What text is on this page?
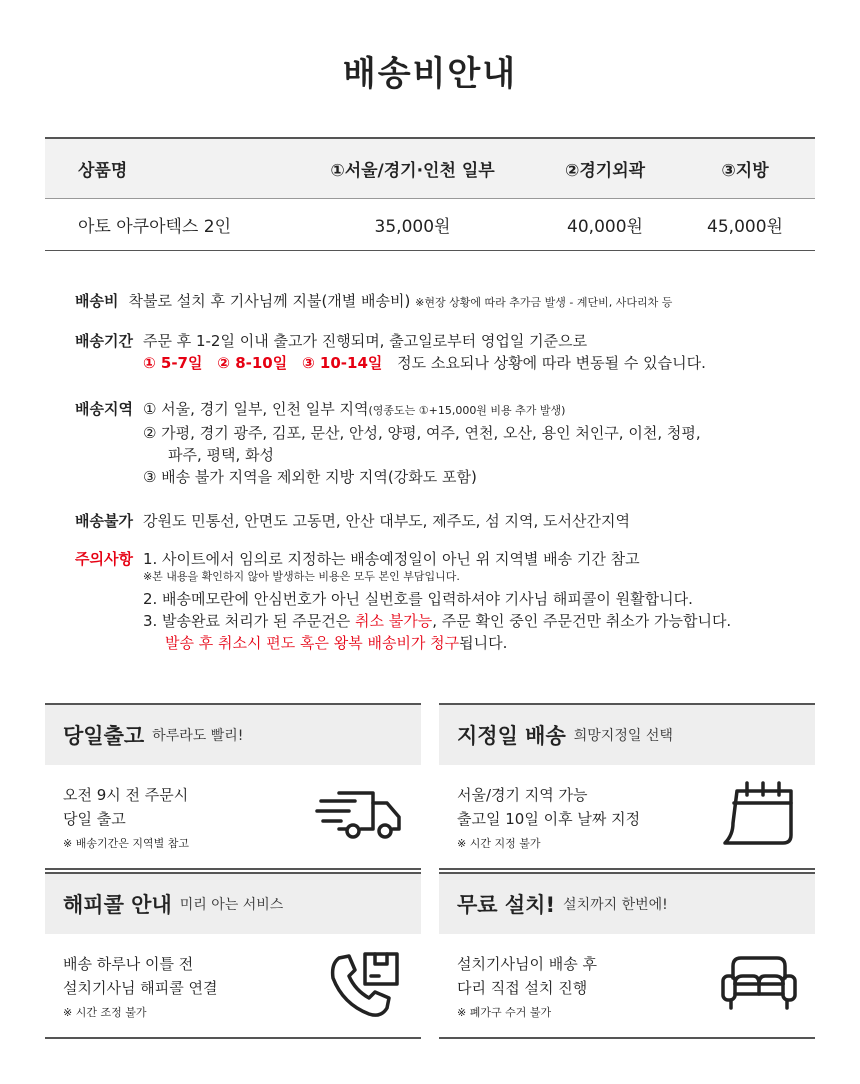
배송비안내
상품명	①서울/경기·인천 일부	②경기외곽	③지방
아토 아쿠아텍스 2인	35,000원	40,000원	45,000원
배송비 착불로 설치 후 기사님께 지불(개별 배송비) ※현장 상황에 따라 추가금 발생 - 계단비, 사다리차 등
배송기간 주문 후 1-2일 이내 출고가 진행되며, 출고일로부터 영업일 기준으로
① 5-7일 ② 8-10일 ③ 10-14일 정도 소요되나 상황에 따라 변동될 수 있습니다.
배송지역 ① 서울, 경기 일부, 인천 일부 지역(영종도는 ①+15,000원 비용 추가 발생)
② 가평, 경기 광주, 김포, 문산, 안성, 양평, 여주, 연천, 오산, 용인 처인구, 이천, 청평,
파주, 평택, 화성
③ 배송 불가 지역을 제외한 지방 지역(강화도 포함)
배송불가 강원도 민통선, 안면도 고동면, 안산 대부도, 제주도, 섬 지역, 도서산간지역
주의사항 1. 사이트에서 임의로 지정하는 배송예정일이 아닌 위 지역별 배송 기간 참고
※본 내용을 확인하지 않아 발생하는 비용은 모두 본인 부담입니다.
2. 배송메모란에 안심번호가 아닌 실번호를 입력하셔야 기사님 해피콜이 원활합니다.
3. 발송완료 처리가 된 주문건은 취소 불가능, 주문 확인 중인 주문건만 취소가 가능합니다.
발송 후 취소시 편도 혹은 왕복 배송비가 청구됩니다.
당일출고 하루라도 빨리!
오전 9시 전 주문시
당일 출고
※ 배송기간은 지역별 참고
지정일 배송 희망지정일 선택
서울/경기 지역 가능
출고일 10일 이후 날짜 지정
※ 시간 지정 불가
해피콜 안내 미리 아는 서비스
배송 하루나 이틀 전
설치기사님 해피콜 연결
※ 시간 조정 불가
무료 설치! 설치까지 한번에!
설치기사님이 배송 후
다리 직접 설치 진행
※ 폐가구 수거 불가
